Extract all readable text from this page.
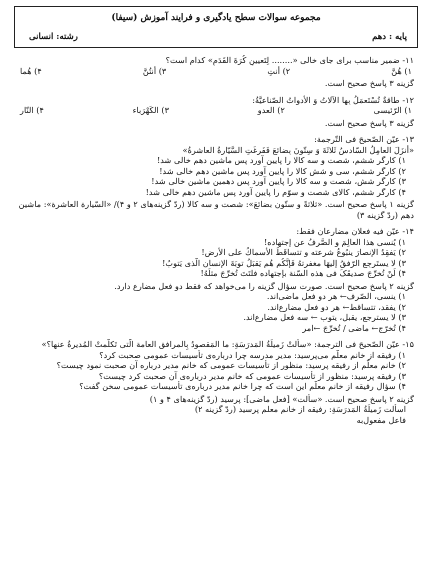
مجموعه سوالات سطح یادگیری و فرایند آموزش (سیفا)
پایه : دهم
رشته: انسانی
۱۱- ضمیر مناسب برای جای خالی «........ لِتَعیینِ کُرَةَ القَدَمِ» کدام است؟
۱) هُنَّ
۲) أنتِ
۳) أنتُنَّ
۴) هُما
گزینه ۳ پاسخ صحیح است.
۱۲- طاقةٌ تُسْتَعمَلُ بِهِا الآلاتُ وَ الأدواتُ الصّناعیَّةُ:
۱) الرّئیسی
۲) العدو
۳) الکَهْرَباء
۴) النّار
گزینه ۳ پاسخ صحیح است.
۱۳- عیّن الصّحیحَ فی التّرجمة:
«أنزَلَ العامِلُ السّادسُ ثَلاثَةَ وَ سِتّونَ بِضائعَ فَفَرِغَتِ السَّیّارةُ العاشرةُ»
۱) کارگر ششم، شصت و سه کالا را پایین آورد پس ماشین دهم خالی شد!
۲) کارگر ششم، سی و شش کالا را پایین آورد پس ماشین دهم خالی شد!
۳) کارگر شش، شصت و سه کالا را پایین آورد پس دهمین ماشین خالی شد!
۴) کارگر ششم، کالای شصت و سوّم را پایین آورد پس ماشین دهم خالی شد!
گزینه ۱ پاسخ صحیح است. «ثلاثةً و ستّون بضائعَ»: شصت و سه کالا (ردّ گزینه‌های ۲ و ۴)/ «السّیارة العاشرة»: ماشین
دهم (ردّ گزینه ۳)
۱۴- عیّن فیه فعلان مضارعان فقط:
۱) یُنسی هذا العالِمَ و الصَّرفُ عن إجتهاده!
۲) یَفقِدُ الإنصارَ ینبُوعُ شرعته و تتساقَطُ الأسماكُ علی الأرض!
۳) لا یستَرجِعِ الرّفقُ إلیهَا مغفرتهُ فَإنَّکُم هُم یَقبَلُ توبَةَ الإنسانِ الّذی یَتوبُ!
۴) لَنْ تُخرِّجَ صدیقَکَ فی هذه السّنة بإجتهاده فلتَتَ تُخرِّجَ مثلَهُ!
گزینه ۲ پاسخ صحیح است. صورت سؤال گزینه را می‌خواهد که فقط دو فعل مضارع دارد.
۱) ینسی، الصّرف← هر دو فعل ماضی‌اند.
۲) یفقد، تتساقط← هر دو فعل مضارع‌اند.
۳) لا یسترجع، یقبل، یتوب ← سه فعل مضارع‌اند.
۴) تُخرّج← ماضی / تُخرِّجَ ←امر
۱۵- عیّن الصّحیحَ فی الترجمة: «سألتْ زَمیلَةُ المَدرَسَةِ: ما المَقصودُ بِالمرافق العامة الّتی تَکلَّمتْ المُدیرةُ عنها؟»
۱) رفیقه از خانم معلّم می‌پرسید: مدیر مدرسه چرا درباره‌ی تأسیسات عمومی صحبت کرد؟
۲) خانم معلّم از رفیقه پرسید: منظور از تأسیسات عمومی که خانم مدیر درباره آن صحبت نمود چیست؟
۳) رفیقه پرسید: منظور از تأسیسات عمومی که خانم مدیر درباره‌ی آن صحبت کرد چیست؟
۴) سؤال رفیقه از خانم معلّم این است که چرا خانم مدیر درباره‌ی تأسیسات عمومی سخن گفت؟
گزینه ۲ پاسخ صحیح است. «سألت» [فعل ماضی]: پرسید (ردّ گزینه‌های ۴ و ۱)
اسألت زَمیلَةُ المَدرَسَةِ: رفیقه از خانم معلم پرسید (ردّ گزینه ۲)
فاعل مفعول‌به
